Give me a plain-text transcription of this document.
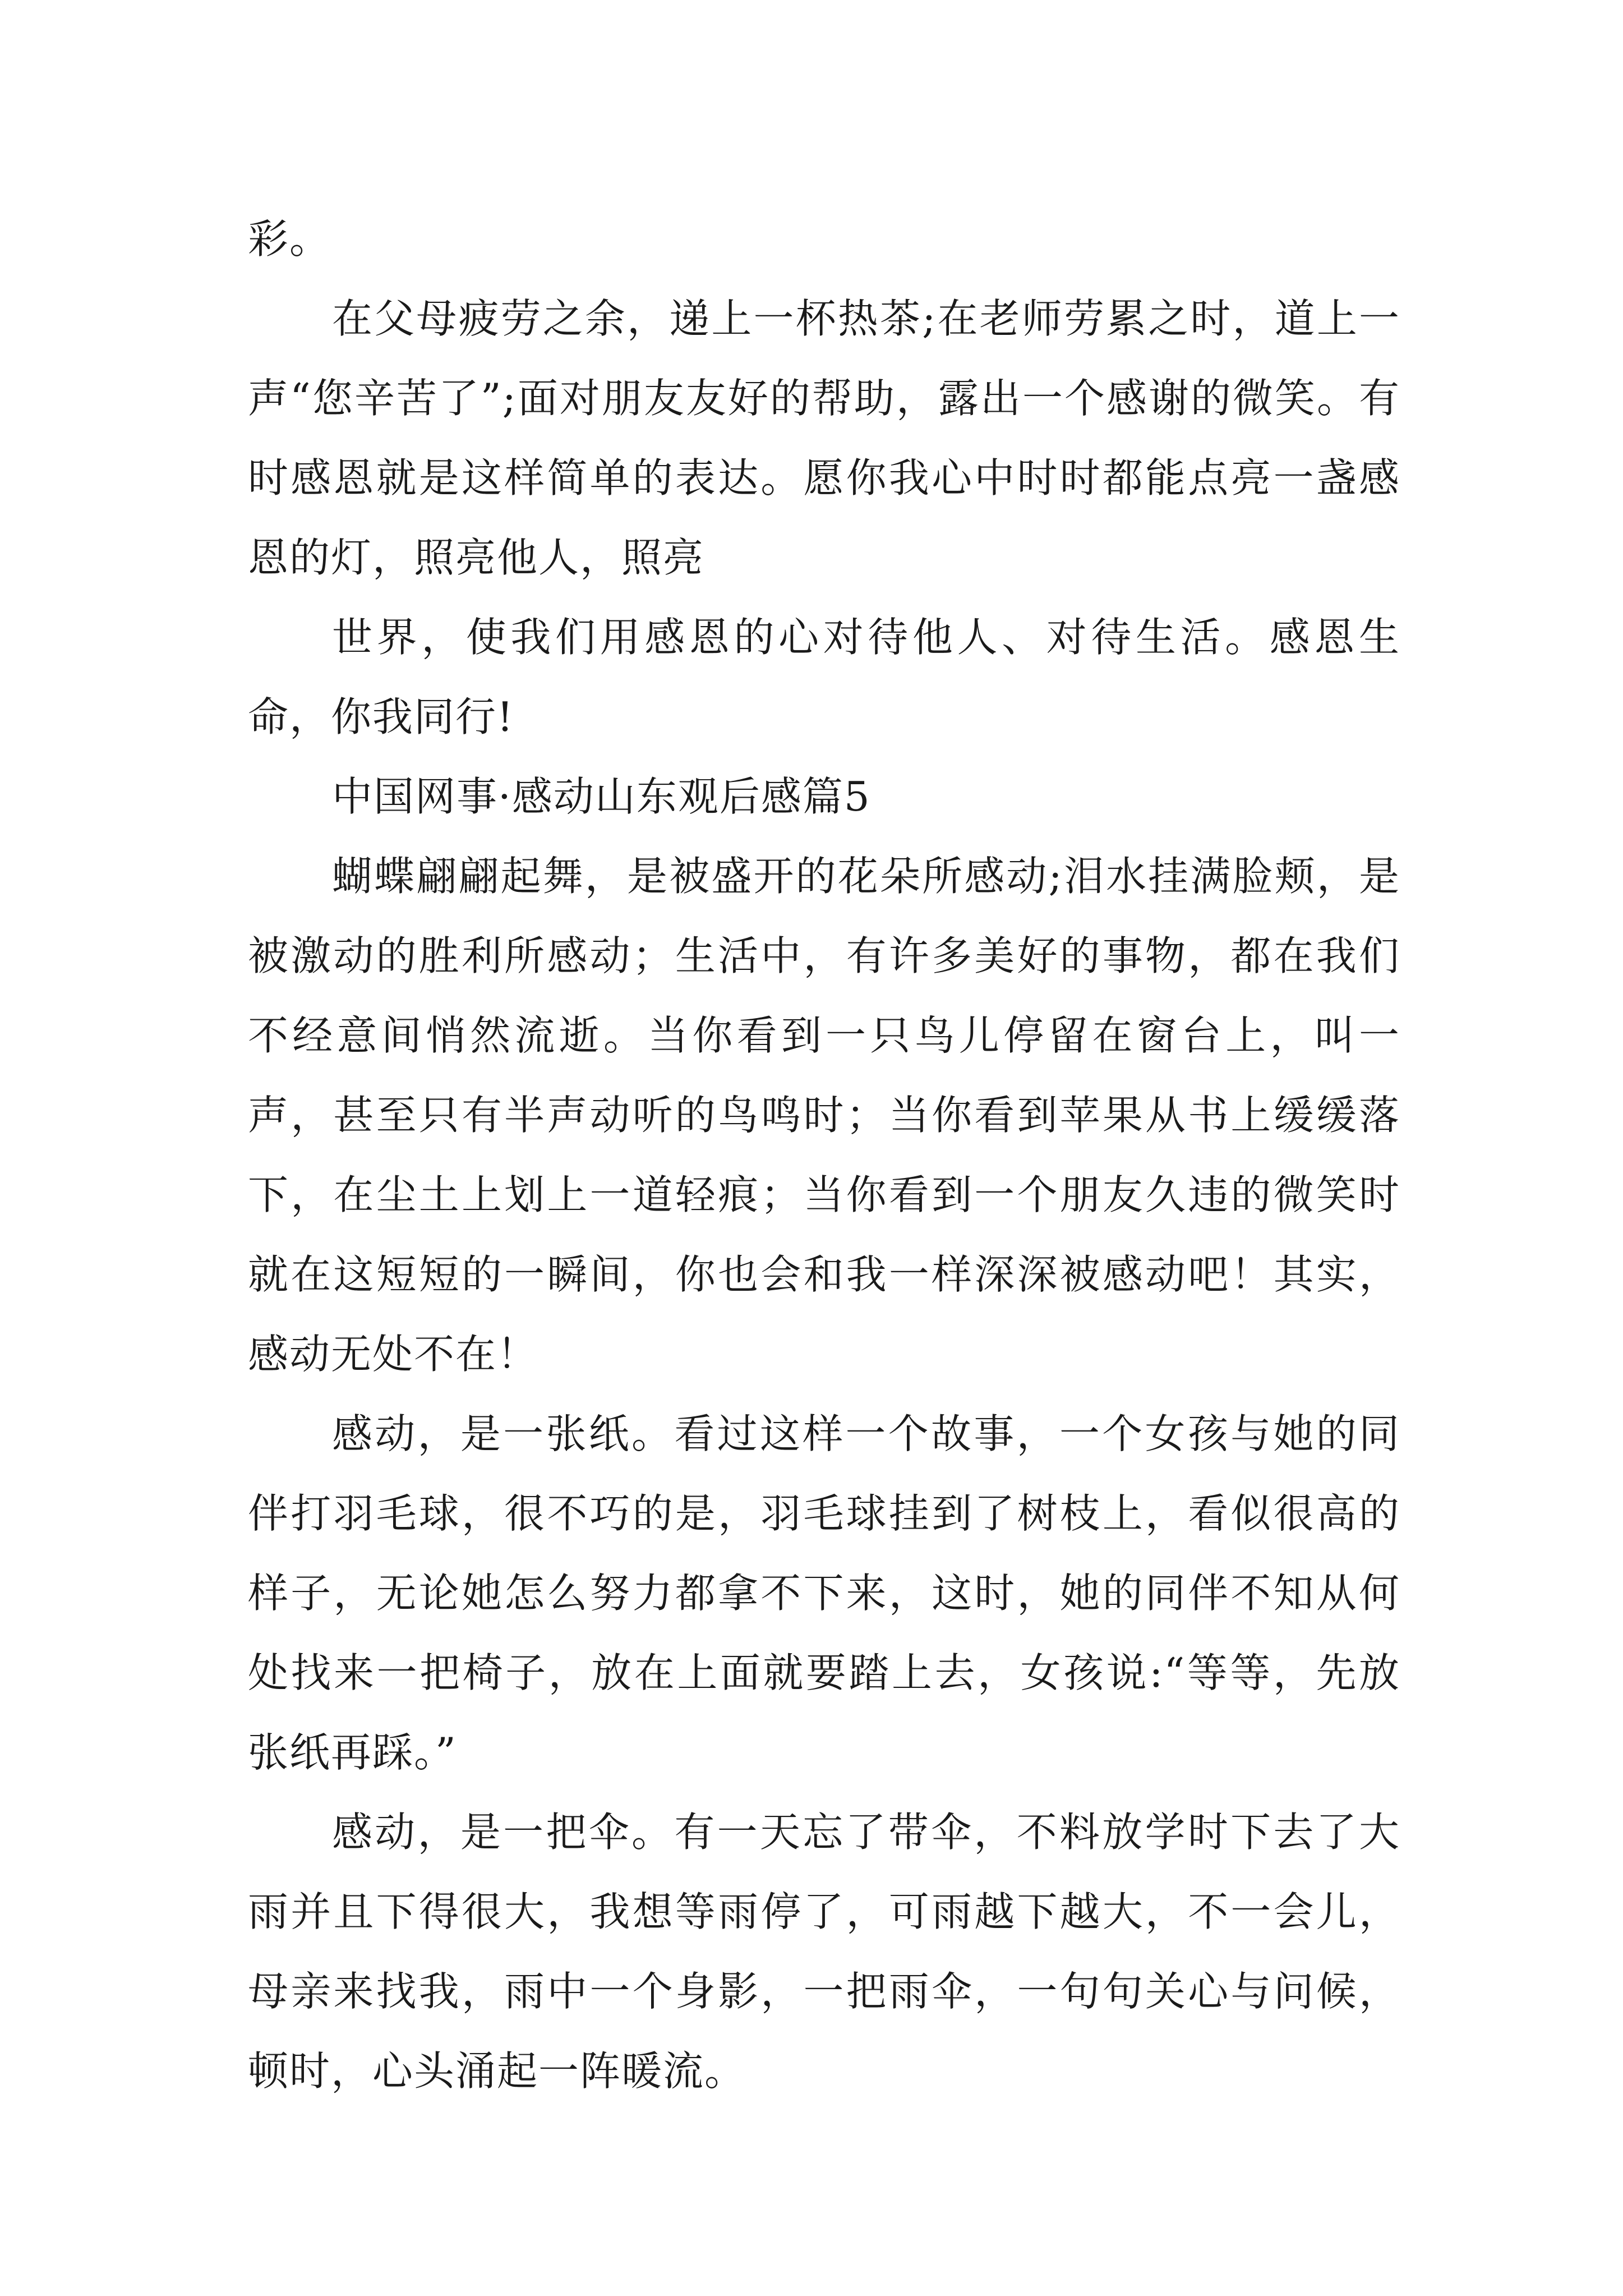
彩。

在父母疲劳之余，递上一杯热茶;在老师劳累之时，道上一声“您辛苦了”;面对朋友友好的帮助，露出一个感谢的微笑。有时感恩就是这样简单的表达。愿你我心中时时都能点亮一盏感恩的灯，照亮他人，照亮

世界，使我们用感恩的心对待他人、对待生活。感恩生命，你我同行!

中国网事·感动山东观后感篇5

蝴蝶翩翩起舞，是被盛开的花朵所感动;泪水挂满脸颊，是被激动的胜利所感动；生活中，有许多美好的事物，都在我们不经意间悄然流逝。当你看到一只鸟儿停留在窗台上，叫一声，甚至只有半声动听的鸟鸣时；当你看到苹果从书上缓缓落下，在尘土上划上一道轻痕；当你看到一个朋友久违的微笑时就在这短短的一瞬间，你也会和我一样深深被感动吧！其实，感动无处不在！

感动，是一张纸。看过这样一个故事，一个女孩与她的同伴打羽毛球，很不巧的是，羽毛球挂到了树枝上，看似很高的样子，无论她怎么努力都拿不下来，这时，她的同伴不知从何处找来一把椅子，放在上面就要踏上去，女孩说:“等等，先放张纸再踩。”

感动，是一把伞。有一天忘了带伞，不料放学时下去了大雨并且下得很大，我想等雨停了，可雨越下越大，不一会儿，母亲来找我，雨中一个身影，一把雨伞，一句句关心与问候，顿时，心头涌起一阵暖流。
